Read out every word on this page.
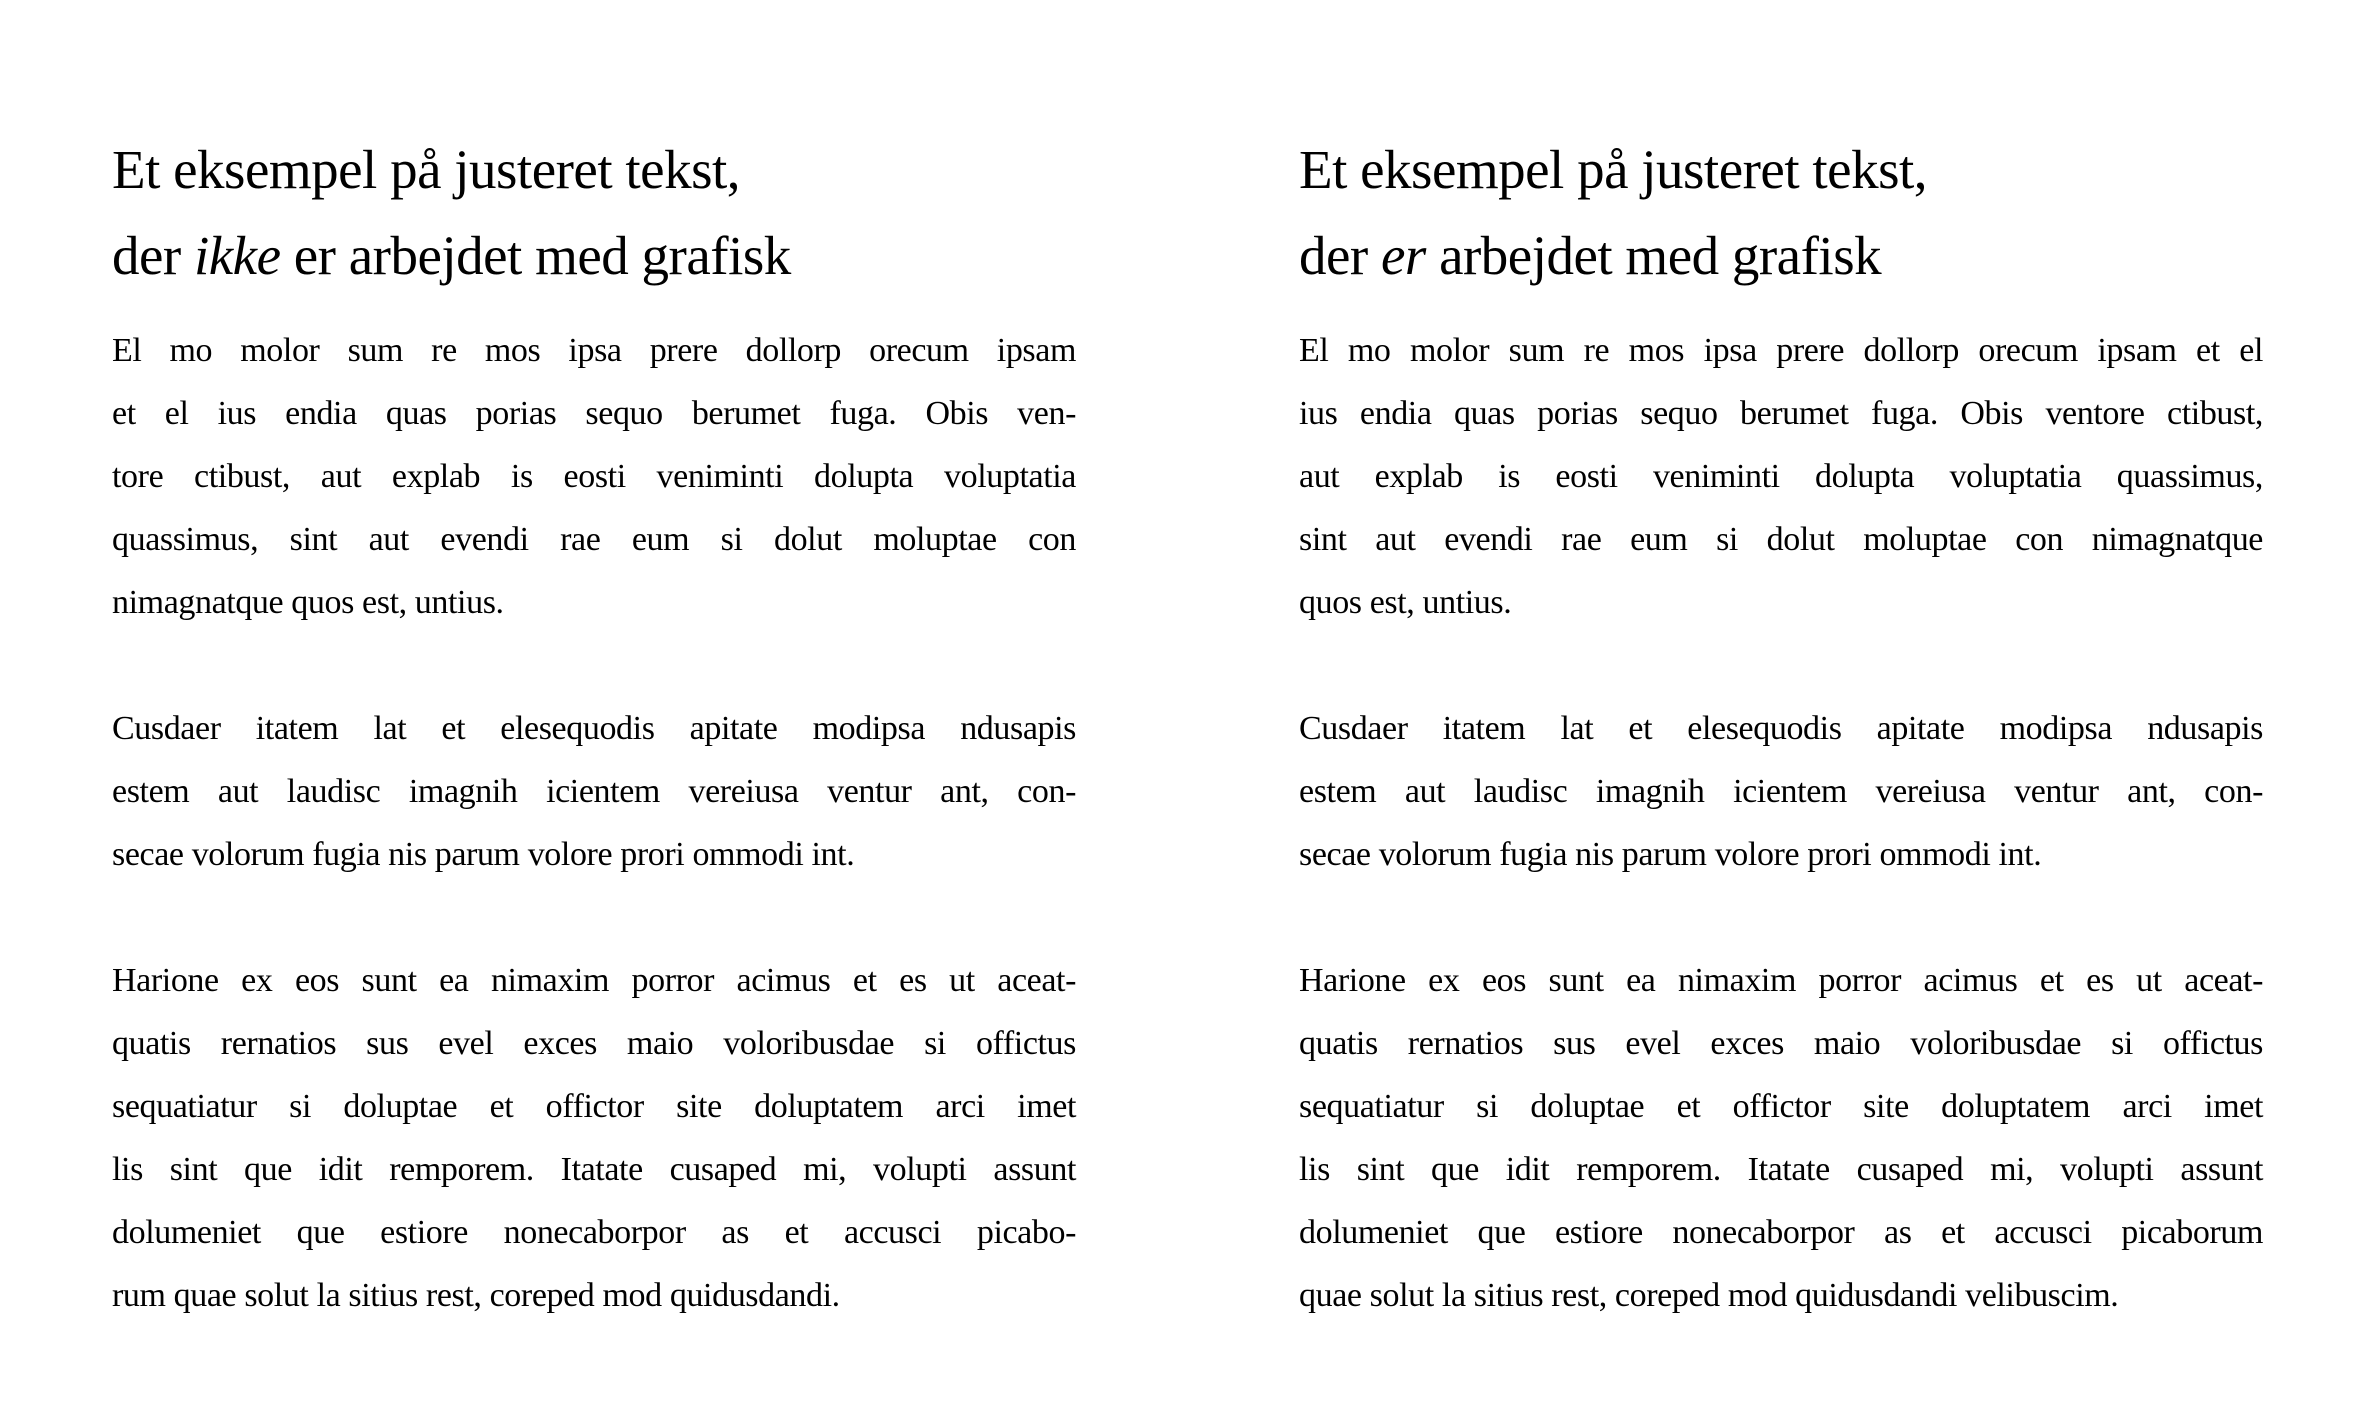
Et eksempel på justeret tekst,
der ikke er arbejdet med grafisk

El mo molor sum re mos ipsa prere dollorp orecum ipsam
et el ius endia quas porias sequo berumet fuga. Obis ven-
tore ctibust, aut explab is eosti veniminti dolupta voluptatia
quassimus, sint aut evendi rae eum si dolut moluptae con
nimagnatque quos est, untius.

Cusdaer itatem lat et elesequodis apitate modipsa ndusapis
estem aut laudisc imagnih icientem vereiusa ventur ant, con-
secae volorum fugia nis parum volore prori ommodi int.

Harione ex eos sunt ea nimaxim porror acimus et es ut aceat-
quatis rernatios sus evel exces maio voloribusdae si offictus
sequatiatur si doluptae et offictor site doluptatem arci imet
lis sint que idit remporem. Itatate cusaped mi, volupti assunt
dolumeniet que estiore nonecaborpor as et accusci picabo-
rum quae solut la sitius rest, coreped mod quidusdandi.

Et eksempel på justeret tekst,
der er arbejdet med grafisk

El mo molor sum re mos ipsa prere dollorp orecum ipsam et el
ius endia quas porias sequo berumet fuga. Obis ventore ctibust,
aut explab is eosti veniminti dolupta voluptatia quassimus,
sint aut evendi rae eum si dolut moluptae con nimagnatque
quos est, untius.

Cusdaer itatem lat et elesequodis apitate modipsa ndusapis
estem aut laudisc imagnih icientem vereiusa ventur ant, con-
secae volorum fugia nis parum volore prori ommodi int.

Harione ex eos sunt ea nimaxim porror acimus et es ut aceat-
quatis rernatios sus evel exces maio voloribusdae si offictus
sequatiatur si doluptae et offictor site doluptatem arci imet
lis sint que idit remporem. Itatate cusaped mi, volupti assunt
dolumeniet que estiore nonecaborpor as et accusci picaborum
quae solut la sitius rest, coreped mod quidusdandi velibuscim.
